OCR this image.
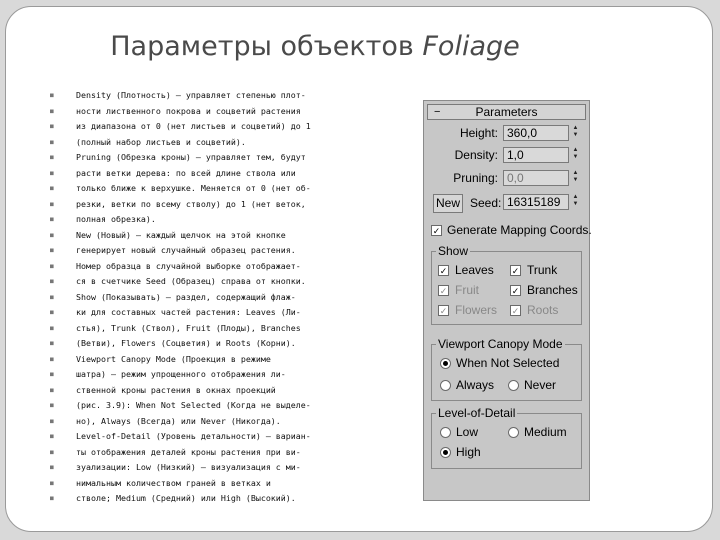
Параметры объектов Foliage
■	Density (Плотность) — управляет степенью плот-
■	ности лиственного покрова и соцветий растения
■	из диапазона от 0 (нет листьев и соцветий) до 1
■	(полный набор листьев и соцветий).
■	Pruning (Обрезка кроны) — управляет тем, будут
■	расти ветки дерева: по всей длине ствола или
■	только ближе к верхушке. Меняется от 0 (нет об-
■	резки, ветки по всему стволу) до 1 (нет веток,
■	полная обрезка).
■	New (Новый) — каждый щелчок на этой кнопке
■	генерирует новый случайный образец растения.
■	Номер образца в случайной выборке отображает-
■	ся в счетчике Seed (Образец) справа от кнопки.
■	Show (Показывать) — раздел, содержащий флаж-
■	ки для составных частей растения: Leaves (Ли-
■	стья), Trunk (Ствол), Fruit (Плоды), Branches
■	(Ветви), Flowers (Соцветия) и Roots (Корни).
■	Viewport Canopy Mode (Проекция в режиме
■	шатра) — режим упрощенного отображения ли-
■	ственной кроны растения в окнах проекций
■	(рис. 3.9): When Not Selected (Когда не выделе-
■	но), Always (Всегда) или Never (Никогда).
■	Level-of-Detail (Уровень детальности) — вариан-
■	ты отображения деталей кроны растения при ви-
■	зуализации: Low (Низкий) — визуализация с ми-
■	нимальным количеством граней в ветках и
■	стволе; Medium (Средний) или High (Высокий).
−	Parameters
Height: 360,0	▲
▼
Density: 1,0	▲
▼
Pruning: 0,0	▲
▼
New Seed: 16315189	▲
▼
✓ Generate Mapping Coords.
Show
✓ Leaves ✓ Trunk
✓ Fruit	✓ Branches
✓ Flowers ✓ Roots
Viewport Canopy Mode
When Not Selected
Always Never
Level-of-Detail
Low	Medium
High
